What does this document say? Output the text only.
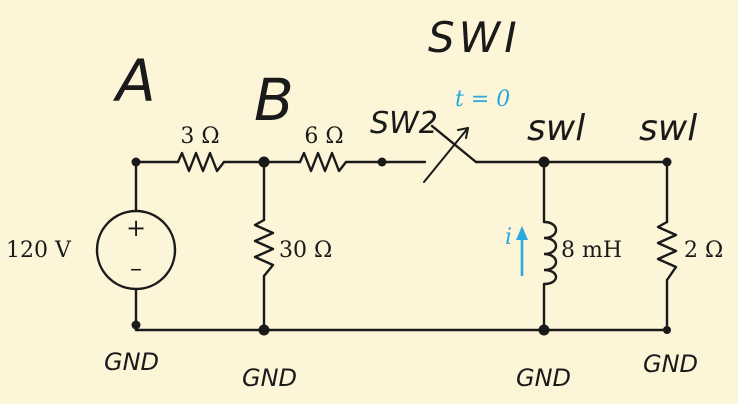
+
–
3 Ω	6 Ω
30 Ω
120 V	8 mH	2 Ω
i
t = 0
A B
SWI
SW2 swl swl
GND
GND	GND	GND
